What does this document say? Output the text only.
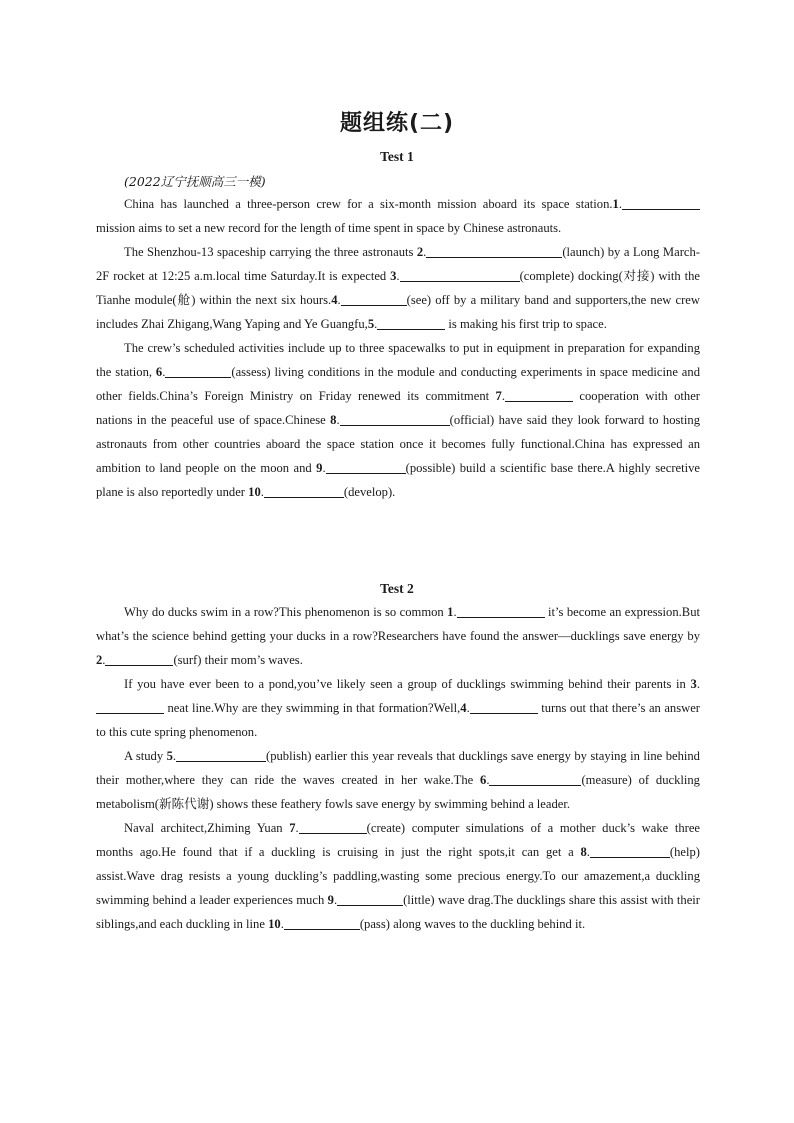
题组练(二)
Test 1
(2022辽宁抚顺高三一模)

China has launched a three-person crew for a six-month mission aboard its space station.1. mission aims to set a new record for the length of time spent in space by Chinese astronauts.

The Shenzhou-13 spaceship carrying the three astronauts 2.	(launch) by a Long March-2F rocket at 12:25 a.m.local time Saturday.It is expected 3.	(complete) docking(对接) with the Tianhe module(舱) within the next six hours.4.	(see) off by a military band and supporters,the new crew includes Zhai Zhigang,Wang Yaping and Ye Guangfu,5.	is making his first trip to space.

The crew’s scheduled activities include up to three spacewalks to put in equipment in preparation for expanding the station, 6.	(assess) living conditions in the module and conducting experiments in space medicine and other fields.China’s Foreign Ministry on Friday renewed its commitment 7.	cooperation with other nations in the peaceful use of space.Chinese 8.	(official) have said they look forward to hosting astronauts from other countries aboard the space station once it becomes fully functional.China has expressed an ambition to land people on the moon and 9.	(possible) build a scientific base there.A highly secretive plane is also reportedly under 10.	(develop).

Test 2

Why do ducks swim in a row?This phenomenon is so common 1.	it’s become an expression.But what’s the science behind getting your ducks in a row?Researchers have found the answer—ducklings save energy by 2.	(surf) their mom’s waves.

If you have ever been to a pond,you’ve likely seen a group of ducklings swimming behind their parents in 3. neat line.Why are they swimming in that formation?Well,4.	turns out that there’s an answer to this cute spring phenomenon.

A study 5.	(publish) earlier this year reveals that ducklings save energy by staying in line behind their mother,where they can ride the waves created in her wake.The 6.	(measure) of duckling metabolism(新陈代谢) shows these feathery fowls save energy by swimming behind a leader.

Naval architect,Zhiming Yuan 7.	(create) computer simulations of a mother duck’s wake three months ago.He found that if a duckling is cruising in just the right spots,it can get a 8.	(help) assist.Wave drag resists a young duckling’s paddling,wasting some precious energy.To our amazement,a duckling swimming behind a leader experiences much 9.	(little) wave drag.The ducklings share this assist with their siblings,and each duckling in line 10.	(pass) along waves to the duckling behind it.
